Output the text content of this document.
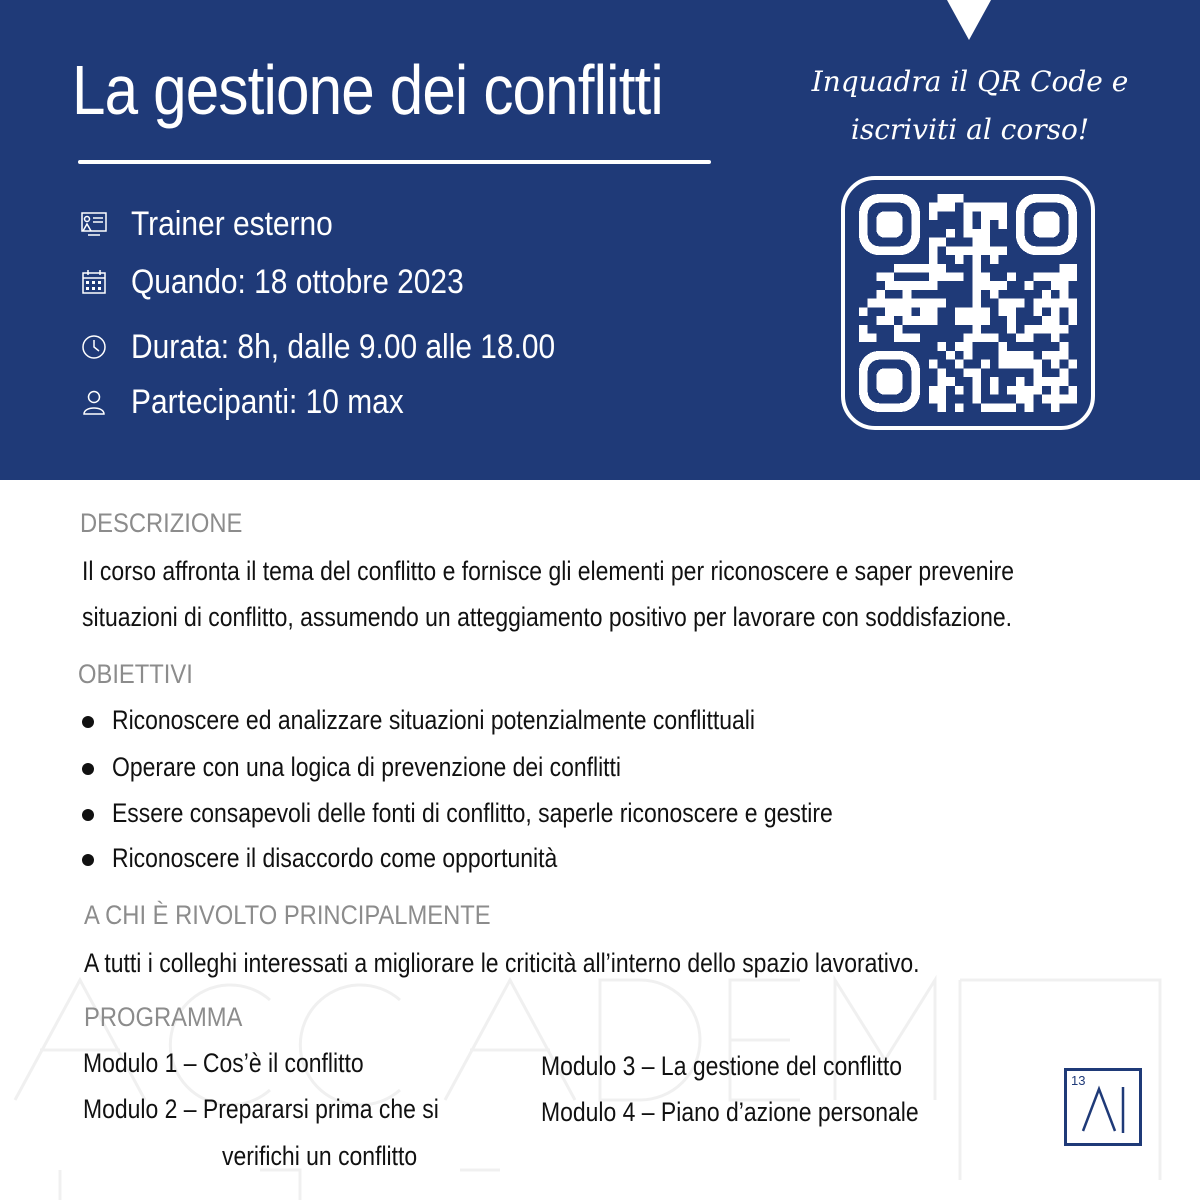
La gestione dei conflitti
Trainer esterno
Quando: 18 ottobre 2023
Durata: 8h, dalle 9.00 alle 18.00
Partecipanti: 10 max
Inquadra il QR Code e
iscriviti al corso!
DESCRIZIONE
Il corso affronta il tema del conflitto e fornisce gli elementi per riconoscere e saper prevenire
situazioni di conflitto, assumendo un atteggiamento positivo per lavorare con soddisfazione.
OBIETTIVI
Riconoscere ed analizzare situazioni potenzialmente conflittuali
Operare con una logica di prevenzione dei conflitti
Essere consapevoli delle fonti di conflitto, saperle riconoscere e gestire
Riconoscere il disaccordo come opportunità
A CHI È RIVOLTO PRINCIPALMENTE
A tutti i colleghi interessati a migliorare le criticità all’interno dello spazio lavorativo.
PROGRAMMA
Modulo 1 – Cos’è il conflitto
Modulo 2 – Prepararsi prima che si
verifichi un conflitto
Modulo 3 – La gestione del conflitto
Modulo 4 – Piano d’azione personale
13
